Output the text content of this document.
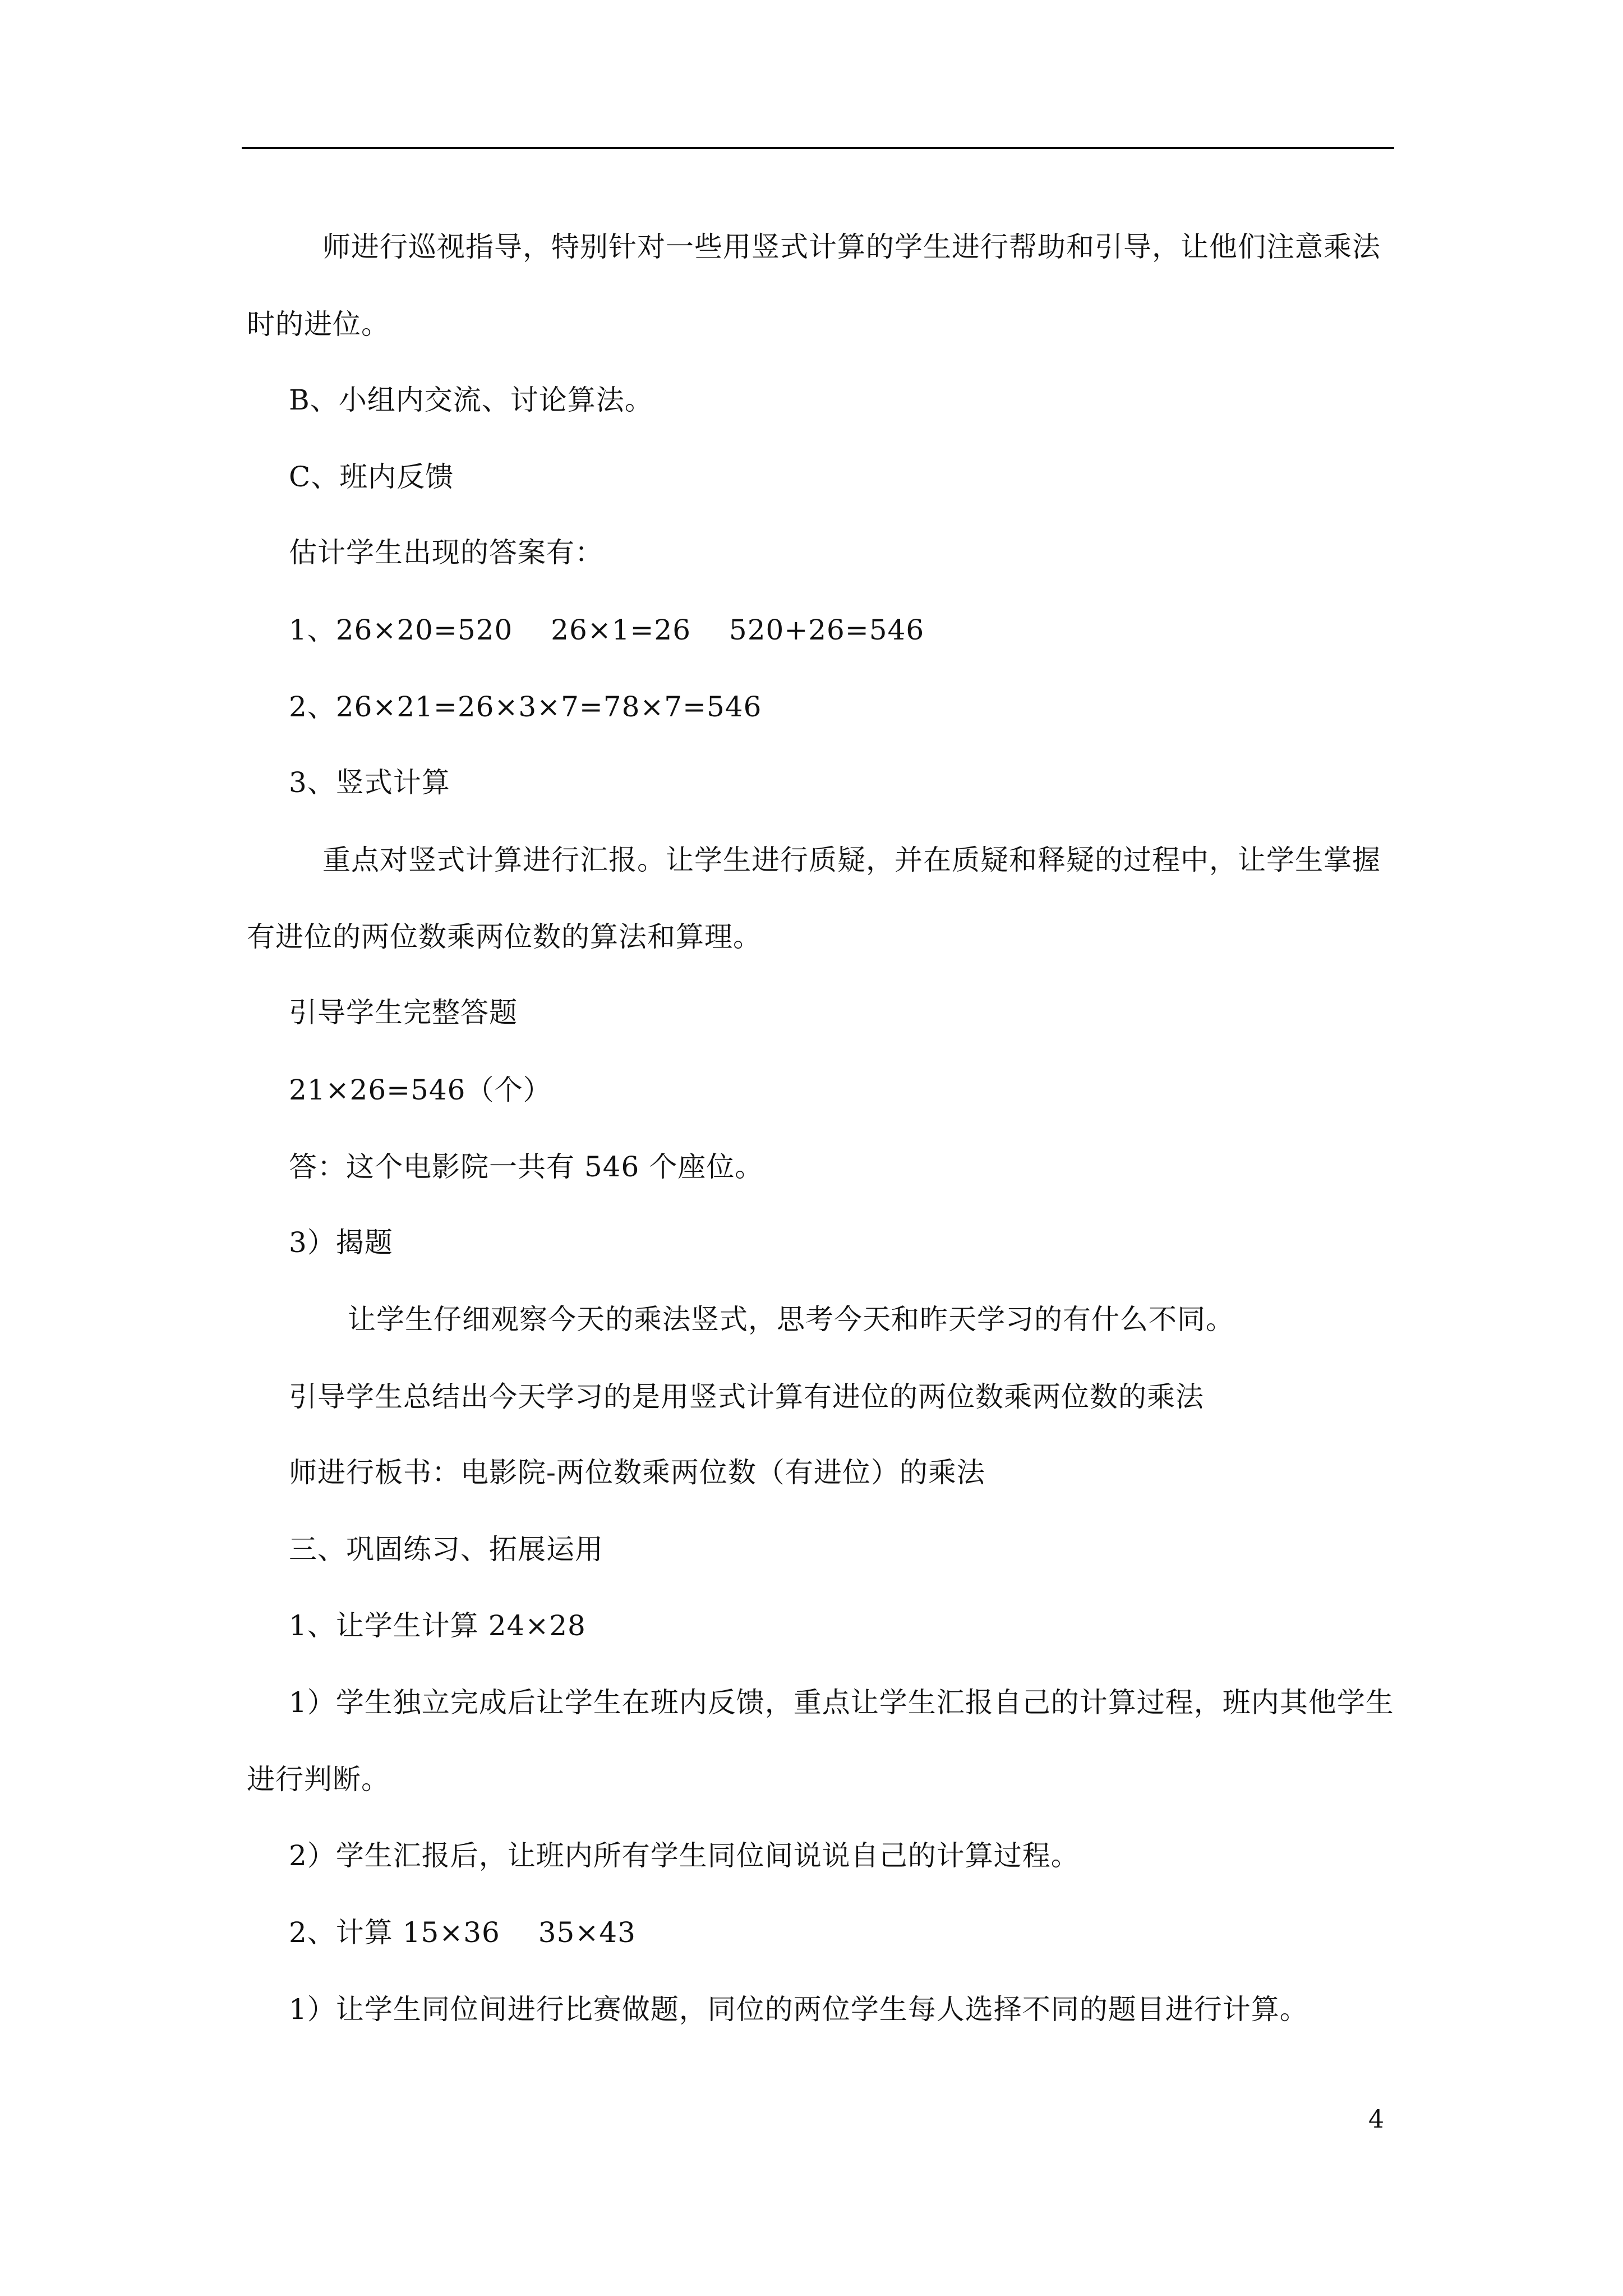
师进行巡视指导，特别针对一些用竖式计算的学生进行帮助和引导，让他们注意乘法
时的进位。
B、小组内交流、讨论算法。
C、班内反馈
估计学生出现的答案有：
1、26×20=520　 26×1=26　 520+26=546
2、26×21=26×3×7=78×7=546
3、竖式计算
重点对竖式计算进行汇报。让学生进行质疑，并在质疑和释疑的过程中，让学生掌握
有进位的两位数乘两位数的算法和算理。
引导学生完整答题
21×26=546（个）
答：这个电影院一共有 546 个座位。
3）揭题
让学生仔细观察今天的乘法竖式，思考今天和昨天学习的有什么不同。
引导学生总结出今天学习的是用竖式计算有进位的两位数乘两位数的乘法
师进行板书：电影院-两位数乘两位数（有进位）的乘法
三、巩固练习、拓展运用
1、让学生计算 24×28
1）学生独立完成后让学生在班内反馈，重点让学生汇报自己的计算过程，班内其他学生
进行判断。
2）学生汇报后，让班内所有学生同位间说说自己的计算过程。
2、计算 15×36　 35×43
1）让学生同位间进行比赛做题，同位的两位学生每人选择不同的题目进行计算。
4
